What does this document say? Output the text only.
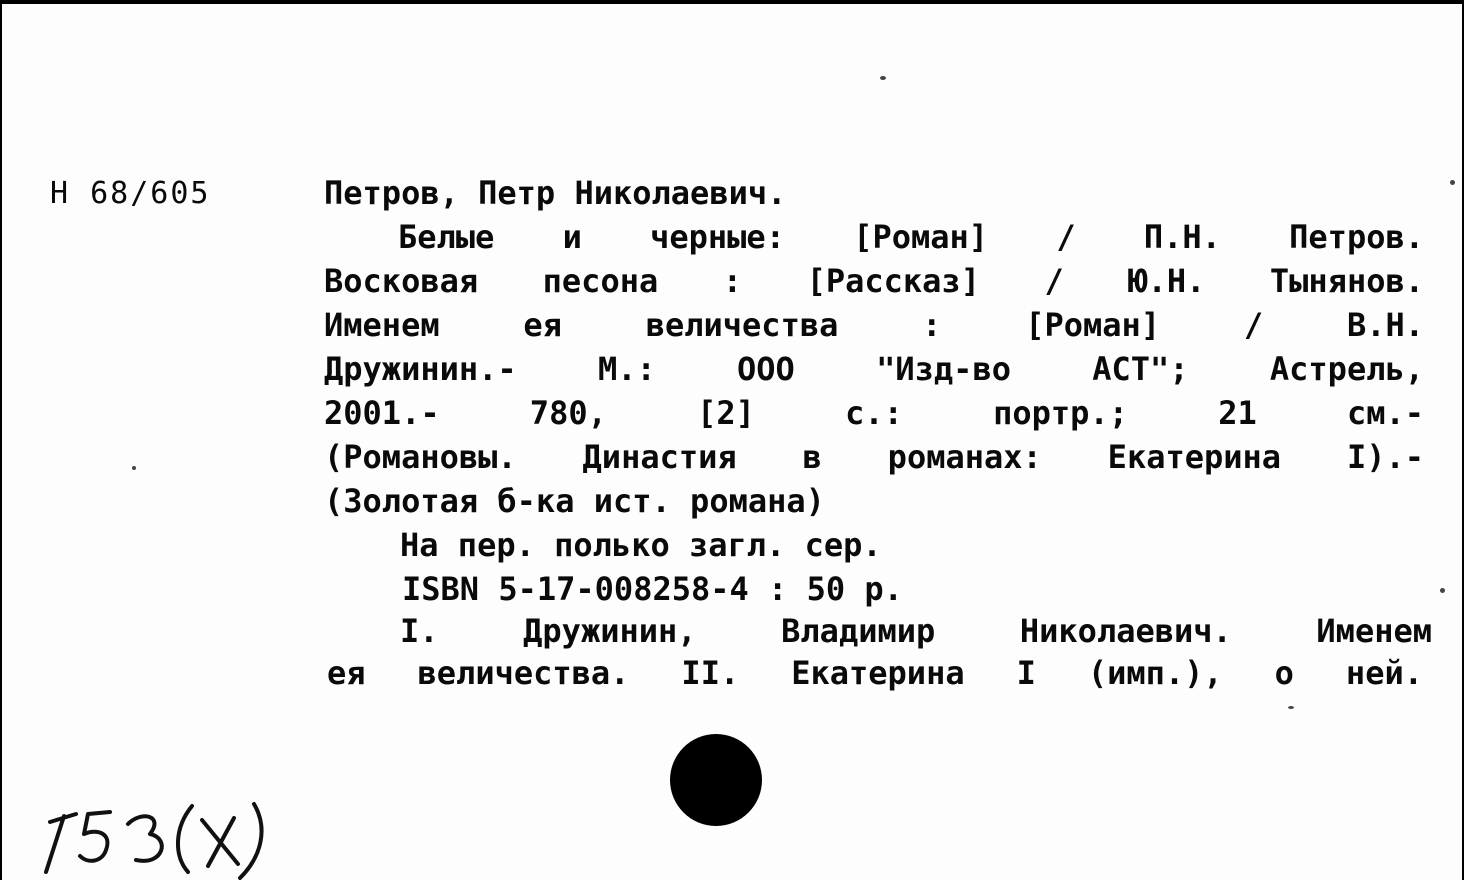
Н 68/605	Петров, Петр Николаевич.
Белые и черные: [Роман] / П.Н. Петров.
Восковая песона : [Рассказ] / Ю.Н. Тынянов.
Именем ея величества : [Роман] / В.Н.
Дружинин.- М.: ООО "Изд-во АСТ"; Астрель,
2001.- 780, [2] с.: портр.; 21 см.-
(Романовы. Династия в романах: Екатерина I).-
(Золотая б-ка ист. романа)
На пер. полько загл. сер.
ISBN 5-17-008258-4 : 50 р.
I. Дружинин, Владимир Николаевич. Именем
ея величества. II. Екатерина I (имп.), о ней.
